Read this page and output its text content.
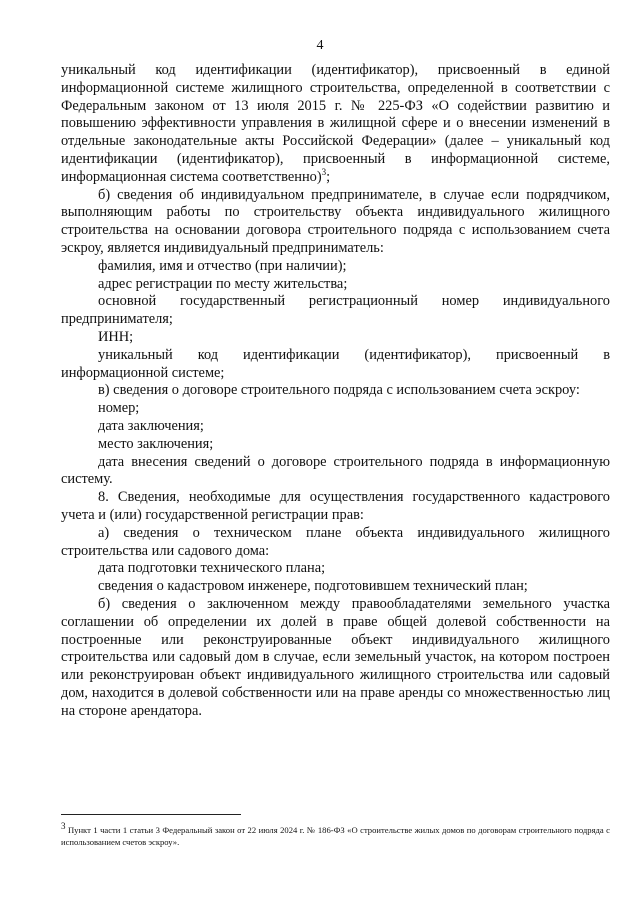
4

уникальный код идентификации (идентификатор), присвоенный в единой информационной системе жилищного строительства, определенной в соответствии с Федеральным законом от 13 июля 2015 г. № 225-ФЗ «О содействии развитию и повышению эффективности управления в жилищной сфере и о внесении изменений в отдельные законодательные акты Российской Федерации» (далее – уникальный код идентификации (идентификатор), присвоенный в информационной системе, информационная система соответственно)$^3$;

б) сведения об индивидуальном предпринимателе, в случае если подрядчиком, выполняющим работы по строительству объекта индивидуального жилищного строительства на основании договора строительного подряда с использованием счета эскроу, является индивидуальный предприниматель:

фамилия, имя и отчество (при наличии);

адрес регистрации по месту жительства;

основной государственный регистрационный номер индивидуального предпринимателя;

ИНН;

уникальный код идентификации (идентификатор), присвоенный в информационной системе;

в) сведения о договоре строительного подряда с использованием счета эскроу:

номер;

дата заключения;

место заключения;

дата внесения сведений о договоре строительного подряда в информационную систему.

8. Сведения, необходимые для осуществления государственного кадастрового учета и (или) государственной регистрации прав:

а) сведения о техническом плане объекта индивидуального жилищного строительства или садового дома:

дата подготовки технического плана;

сведения о кадастровом инженере, подготовившем технический план;

б) сведения о заключенном между правообладателями земельного участка соглашении об определении их долей в праве общей долевой собственности на построенные или реконструированные объект индивидуального жилищного строительства или садовый дом в случае, если земельный участок, на котором построен или реконструирован объект индивидуального жилищного строительства или садовый дом, находится в долевой собственности или на праве аренды со множественностью лиц на стороне арендатора.

$^3$ Пункт 1 части 1 статьи 3 Федеральный закон от 22 июля 2024 г. № 186-ФЗ «О строительстве жилых домов по договорам строительного подряда с использованием счетов эскроу».
